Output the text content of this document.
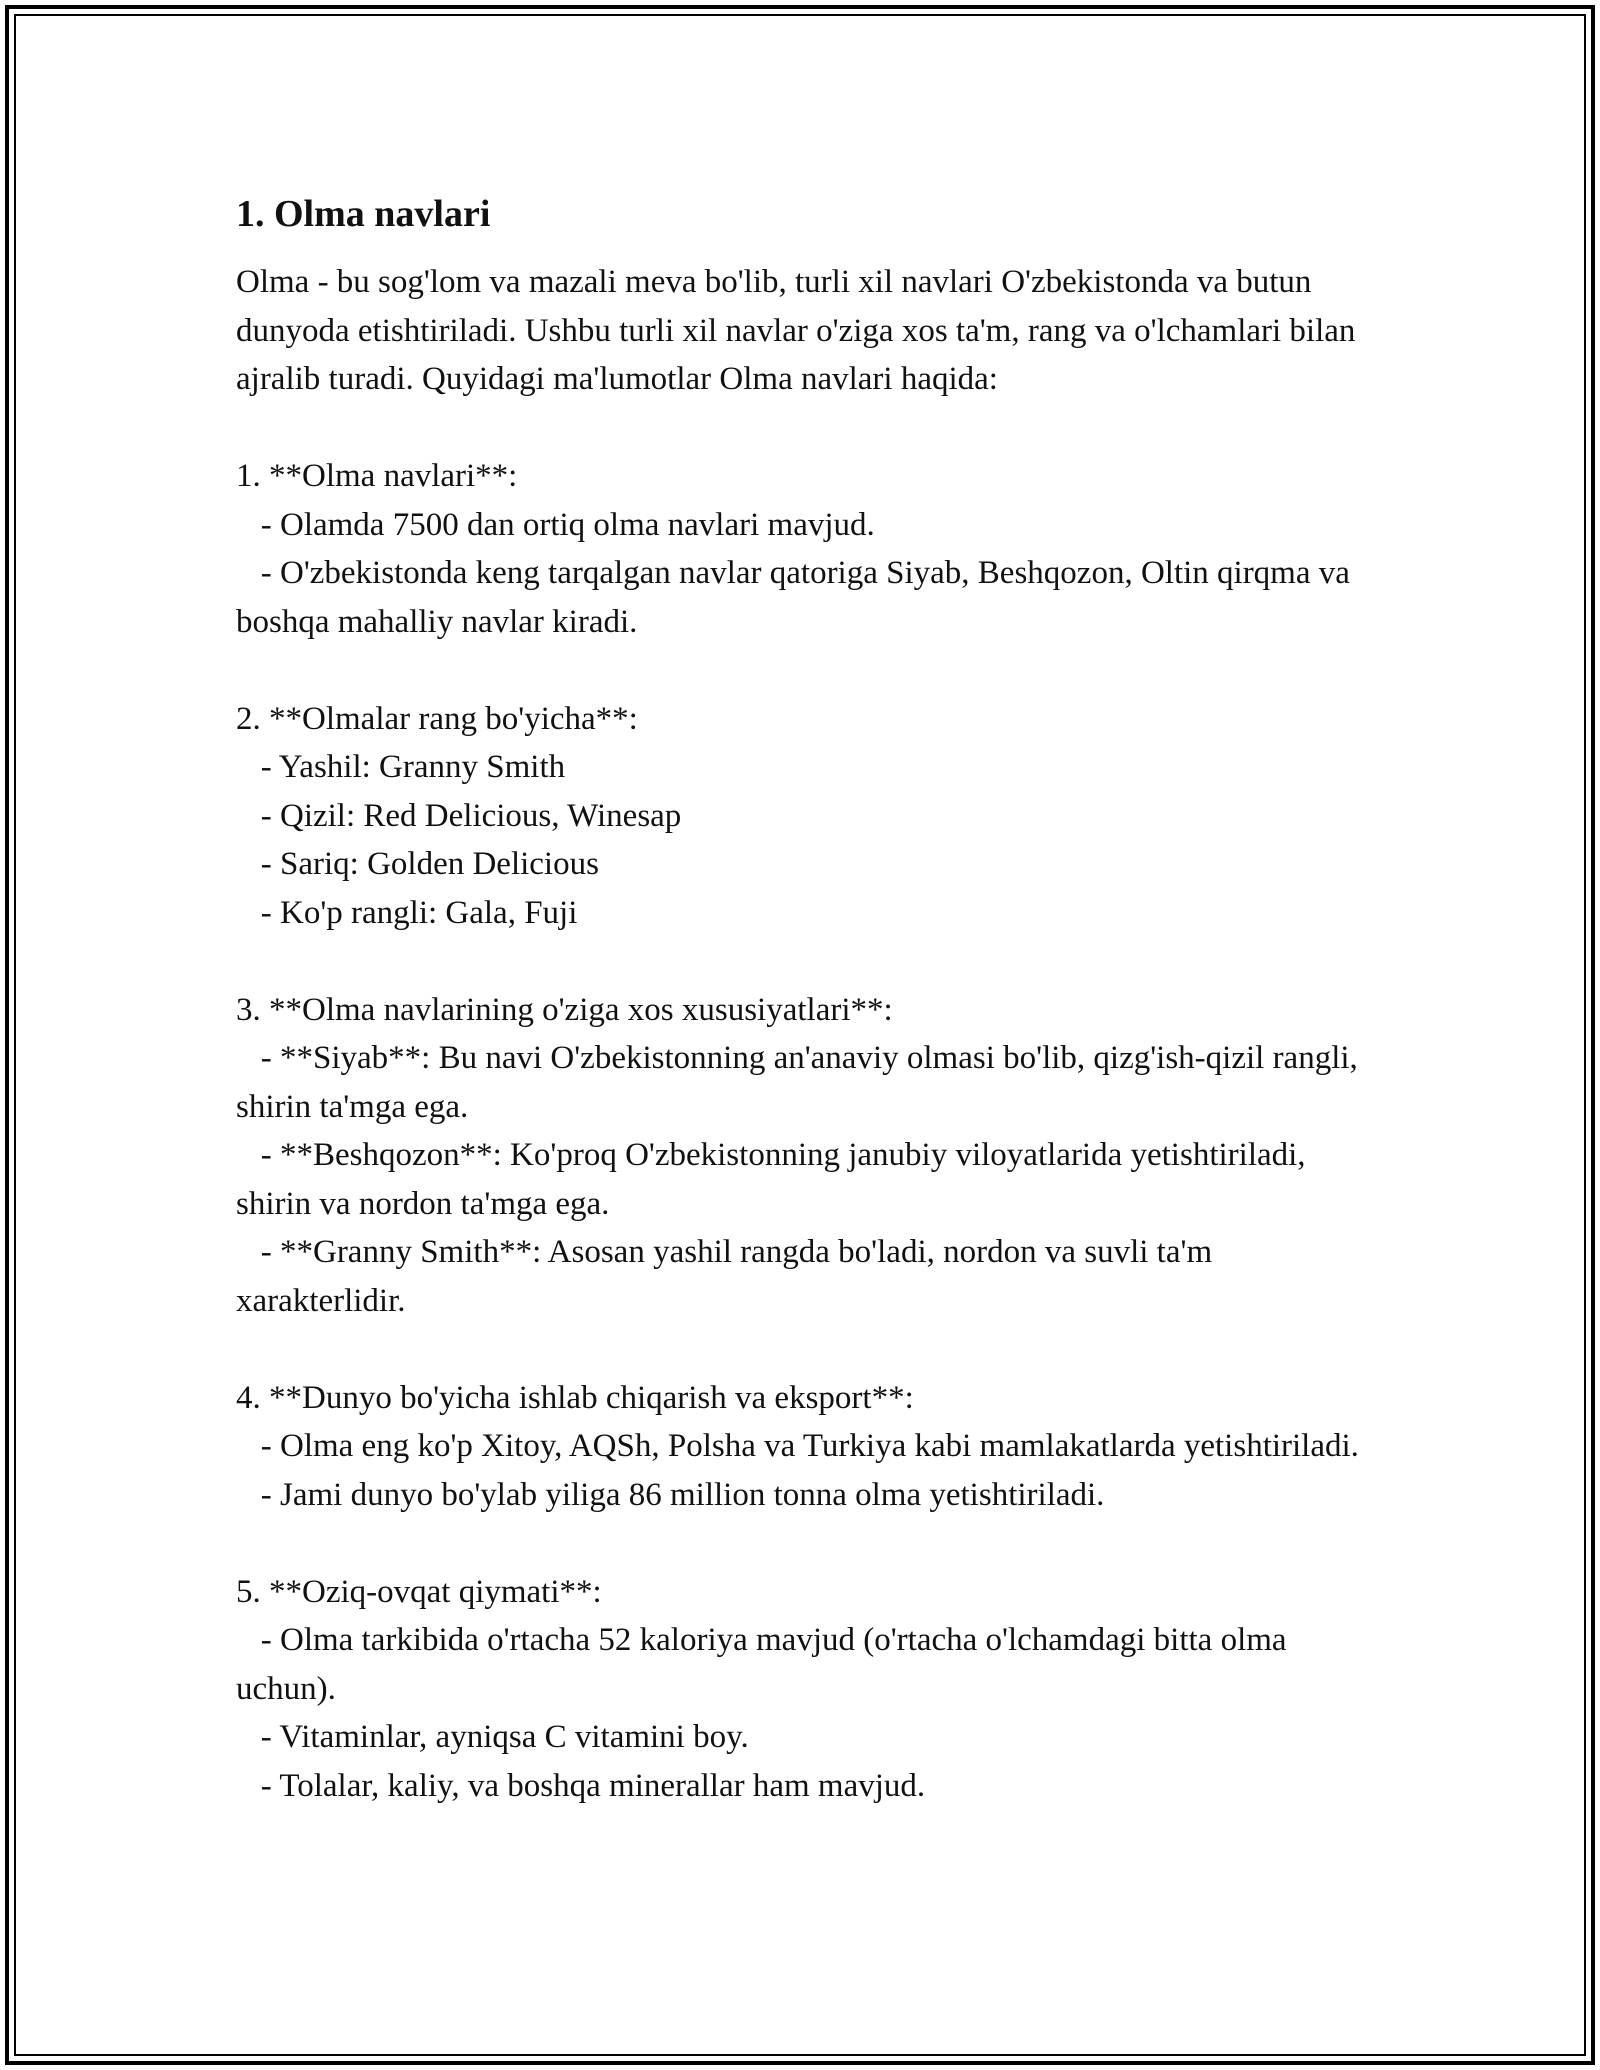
1. Olma navlari

Olma - bu sog'lom va mazali meva bo'lib, turli xil navlari O'zbekistonda va butun dunyoda etishtiriladi. Ushbu turli xil navlar o'ziga xos ta'm, rang va o'lchamlari bilan ajralib turadi. Quyidagi ma'lumotlar Olma navlari haqida:

1. **Olma navlari**:

- Olamda 7500 dan ortiq olma navlari mavjud.

- O'zbekistonda keng tarqalgan navlar qatoriga Siyab, Beshqozon, Oltin qirqma va boshqa mahalliy navlar kiradi.

2. **Olmalar rang bo'yicha**:

- Yashil: Granny Smith

- Qizil: Red Delicious, Winesap

- Sariq: Golden Delicious

- Ko'p rangli: Gala, Fuji

3. **Olma navlarining o'ziga xos xususiyatlari**:

- **Siyab**: Bu navi O'zbekistonning an'anaviy olmasi bo'lib, qizg'ish-qizil rangli, shirin ta'mga ega.

- **Beshqozon**: Ko'proq O'zbekistonning janubiy viloyatlarida yetishtiriladi, shirin va nordon ta'mga ega.

- **Granny Smith**: Asosan yashil rangda bo'ladi, nordon va suvli ta'm xarakterlidir.

4. **Dunyo bo'yicha ishlab chiqarish va eksport**:

- Olma eng ko'p Xitoy, AQSh, Polsha va Turkiya kabi mamlakatlarda yetishtiriladi.

- Jami dunyo bo'ylab yiliga 86 million tonna olma yetishtiriladi.

5. **Oziq-ovqat qiymati**:

- Olma tarkibida o'rtacha 52 kaloriya mavjud (o'rtacha o'lchamdagi bitta olma uchun).

- Vitaminlar, ayniqsa C vitamini boy.

- Tolalar, kaliy, va boshqa minerallar ham mavjud.
